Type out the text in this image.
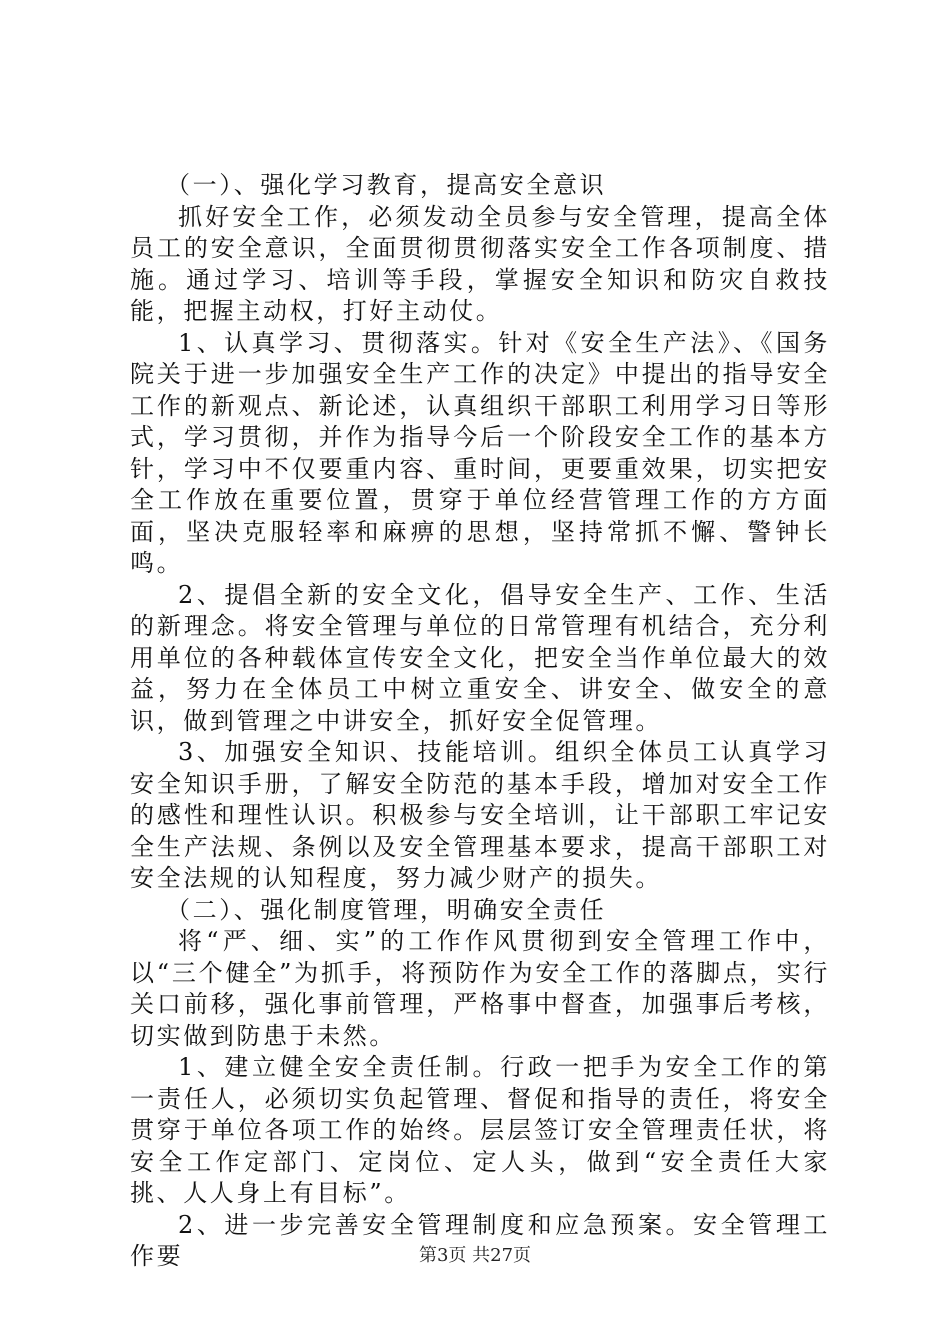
（一）、强化学习教育，提高安全意识

抓好安全工作，必须发动全员参与安全管理，提高全体员工的安全意识，全面贯彻贯彻落实安全工作各项制度、措施。通过学习、培训等手段，掌握安全知识和防灾自救技能，把握主动权，打好主动仗。

1、认真学习、贯彻落实。针对《安全生产法》、《国务院关于进一步加强安全生产工作的决定》中提出的指导安全工作的新观点、新论述，认真组织干部职工利用学习日等形式，学习贯彻，并作为指导今后一个阶段安全工作的基本方针，学习中不仅要重内容、重时间，更要重效果，切实把安全工作放在重要位置，贯穿于单位经营管理工作的方方面面，坚决克服轻率和麻痹的思想，坚持常抓不懈、警钟长鸣。

2、提倡全新的安全文化，倡导安全生产、工作、生活的新理念。将安全管理与单位的日常管理有机结合，充分利用单位的各种载体宣传安全文化，把安全当作单位最大的效益，努力在全体员工中树立重安全、讲安全、做安全的意识，做到管理之中讲安全，抓好安全促管理。

3、加强安全知识、技能培训。组织全体员工认真学习安全知识手册，了解安全防范的基本手段，增加对安全工作的感性和理性认识。积极参与安全培训，让干部职工牢记安全生产法规、条例以及安全管理基本要求，提高干部职工对安全法规的认知程度，努力减少财产的损失。

（二）、强化制度管理，明确安全责任

将“严、细、实”的工作作风贯彻到安全管理工作中，以“三个健全”为抓手，将预防作为安全工作的落脚点，实行关口前移，强化事前管理，严格事中督查，加强事后考核，切实做到防患于未然。

1、建立健全安全责任制。行政一把手为安全工作的第一责任人，必须切实负起管理、督促和指导的责任，将安全贯穿于单位各项工作的始终。层层签订安全管理责任状，将安全工作定部门、定岗位、定人头，做到“安全责任大家挑、人人身上有目标”。

2、进一步完善安全管理制度和应急预案。安全管理工作要	第3页 共27页
